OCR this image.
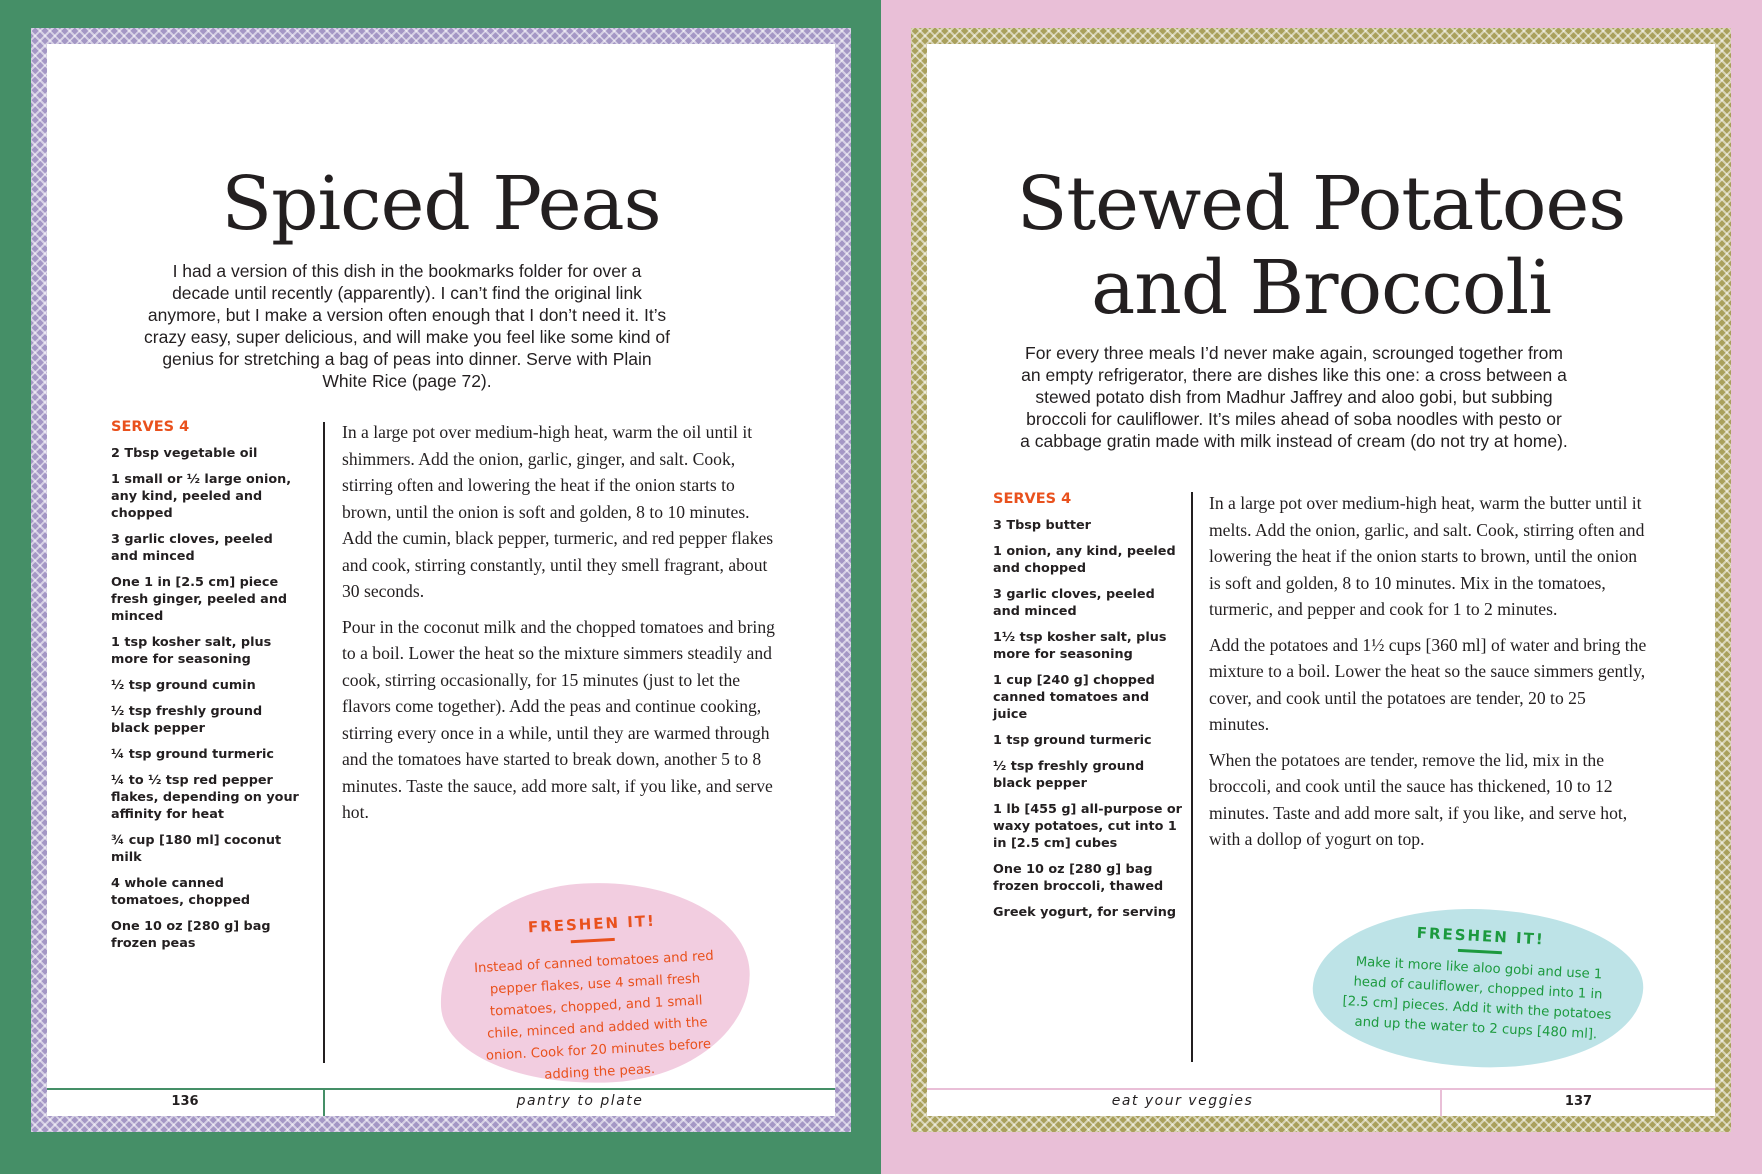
Spiced Peas

I had a version of this dish in the bookmarks folder for over a decade until recently (apparently). I can’t find the original link anymore, but I make a version often enough that I don’t need it. It’s crazy easy, super delicious, and will make you feel like some kind of genius for stretching a bag of peas into dinner. Serve with Plain White Rice (page 72).

SERVES 4
2 Tbsp vegetable oil
1 small or ½ large onion, any kind, peeled and chopped
3 garlic cloves, peeled and minced
One 1 in [2.5 cm] piece fresh ginger, peeled and minced
1 tsp kosher salt, plus more for seasoning
½ tsp ground cumin
½ tsp freshly ground black pepper
¼ tsp ground turmeric
¼ to ½ tsp red pepper flakes, depending on your affinity for heat
¾ cup [180 ml] coconut milk
4 whole canned tomatoes, chopped
One 10 oz [280 g] bag frozen peas

In a large pot over medium-high heat, warm the oil until it shimmers. Add the onion, garlic, ginger, and salt. Cook, stirring often and lowering the heat if the onion starts to brown, until the onion is soft and golden, 8 to 10 minutes. Add the cumin, black pepper, turmeric, and red pepper flakes and cook, stirring constantly, until they smell fragrant, about 30 seconds.

Pour in the coconut milk and the chopped tomatoes and bring to a boil. Lower the heat so the mixture simmers steadily and cook, stirring occasionally, for 15 minutes (just to let the flavors come together). Add the peas and continue cooking, stirring every once in a while, until they are warmed through and the tomatoes have started to break down, another 5 to 8 minutes. Taste the sauce, add more salt, if you like, and serve hot.

FRESHEN IT!
Instead of canned tomatoes and red pepper flakes, use 4 small fresh tomatoes, chopped, and 1 small chile, minced and added with the onion. Cook for 20 minutes before adding the peas.
136	pantry to plate
Stewed Potatoes
and Broccoli

For every three meals I’d never make again, scrounged together from an empty refrigerator, there are dishes like this one: a cross between a stewed potato dish from Madhur Jaffrey and aloo gobi, but subbing broccoli for cauliflower. It’s miles ahead of soba noodles with pesto or a cabbage gratin made with milk instead of cream (do not try at home).

SERVES 4
3 Tbsp butter
1 onion, any kind, peeled and chopped
3 garlic cloves, peeled and minced
1½ tsp kosher salt, plus more for seasoning
1 cup [240 g] chopped canned tomatoes and juice
1 tsp ground turmeric
½ tsp freshly ground black pepper
1 lb [455 g] all-purpose or waxy potatoes, cut into 1 in [2.5 cm] cubes
One 10 oz [280 g] bag frozen broccoli, thawed
Greek yogurt, for serving

In a large pot over medium-high heat, warm the butter until it melts. Add the onion, garlic, and salt. Cook, stirring often and lowering the heat if the onion starts to brown, until the onion is soft and golden, 8 to 10 minutes. Mix in the tomatoes, turmeric, and pepper and cook for 1 to 2 minutes.

Add the potatoes and 1½ cups [360 ml] of water and bring the mixture to a boil. Lower the heat so the sauce simmers gently, cover, and cook until the potatoes are tender, 20 to 25 minutes.

When the potatoes are tender, remove the lid, mix in the broccoli, and cook until the sauce has thickened, 10 to 12 minutes. Taste and add more salt, if you like, and serve hot, with a dollop of yogurt on top.

FRESHEN IT!
Make it more like aloo gobi and use 1 head of cauliflower, chopped into 1 in [2.5 cm] pieces. Add it with the potatoes and up the water to 2 cups [480 ml].
eat your veggies	137
